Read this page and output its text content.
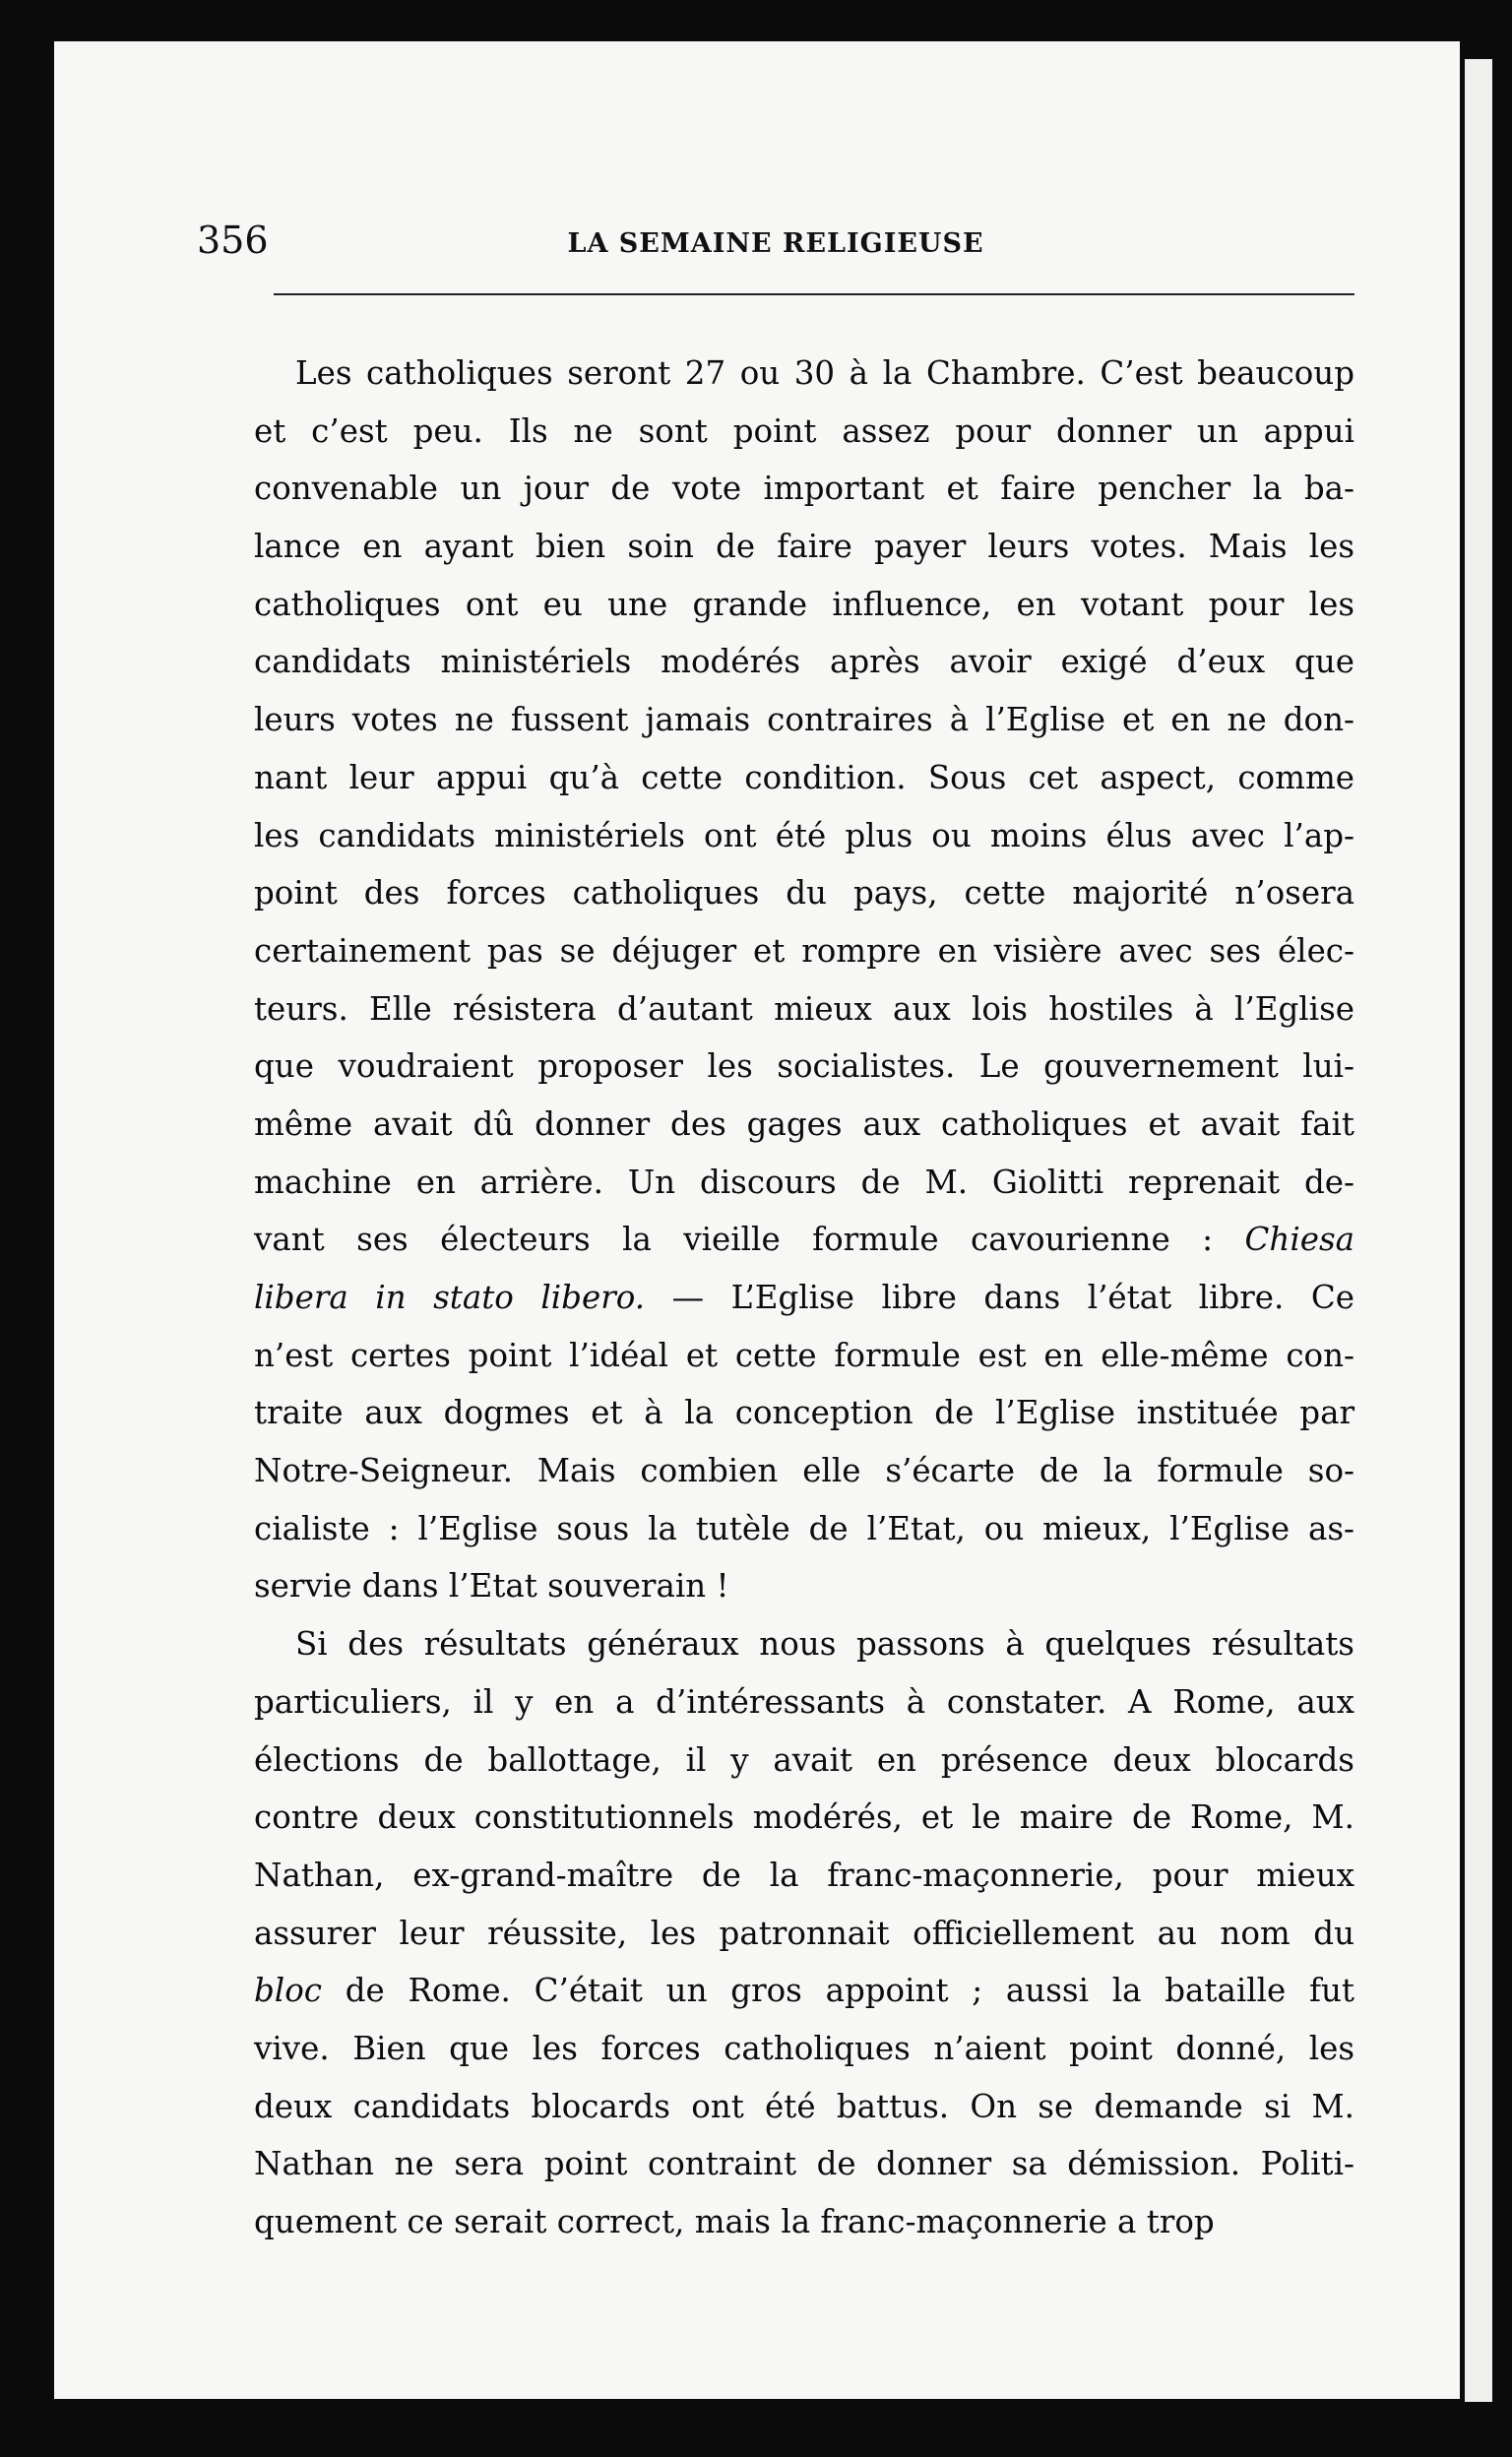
356	LA SEMAINE RELIGIEUSE
Les catholiques seront 27 ou 30 à la Chambre. C’est beaucoup
et c’est peu. Ils ne sont point assez pour donner un appui
convenable un jour de vote important et faire pencher la ba-
lance en ayant bien soin de faire payer leurs votes. Mais les
catholiques ont eu une grande influence, en votant pour les
candidats ministériels modérés après avoir exigé d’eux que
leurs votes ne fussent jamais contraires à l’Eglise et en ne don-
nant leur appui qu’à cette condition. Sous cet aspect, comme
les candidats ministériels ont été plus ou moins élus avec l’ap-
point des forces catholiques du pays, cette majorité n’osera
certainement pas se déjuger et rompre en visière avec ses élec-
teurs. Elle résistera d’autant mieux aux lois hostiles à l’Eglise
que voudraient proposer les socialistes. Le gouvernement lui-
même avait dû donner des gages aux catholiques et avait fait
machine en arrière. Un discours de M. Giolitti reprenait de-
vant ses électeurs la vieille formule cavourienne : Chiesa
libera in stato libero. — L’Eglise libre dans l’état libre. Ce
n’est certes point l’idéal et cette formule est en elle-même con-
traite aux dogmes et à la conception de l’Eglise instituée par
Notre-Seigneur. Mais combien elle s’écarte de la formule so-
cialiste : l’Eglise sous la tutèle de l’Etat, ou mieux, l’Eglise as-
servie dans l’Etat souverain !
Si des résultats généraux nous passons à quelques résultats
particuliers, il y en a d’intéressants à constater. A Rome, aux
élections de ballottage, il y avait en présence deux blocards
contre deux constitutionnels modérés, et le maire de Rome, M.
Nathan, ex-grand-maître de la franc-maçonnerie, pour mieux
assurer leur réussite, les patronnait officiellement au nom du
bloc de Rome. C’était un gros appoint ; aussi la bataille fut
vive. Bien que les forces catholiques n’aient point donné, les
deux candidats blocards ont été battus. On se demande si M.
Nathan ne sera point contraint de donner sa démission. Politi-
quement ce serait correct, mais la franc-maçonnerie a trop
